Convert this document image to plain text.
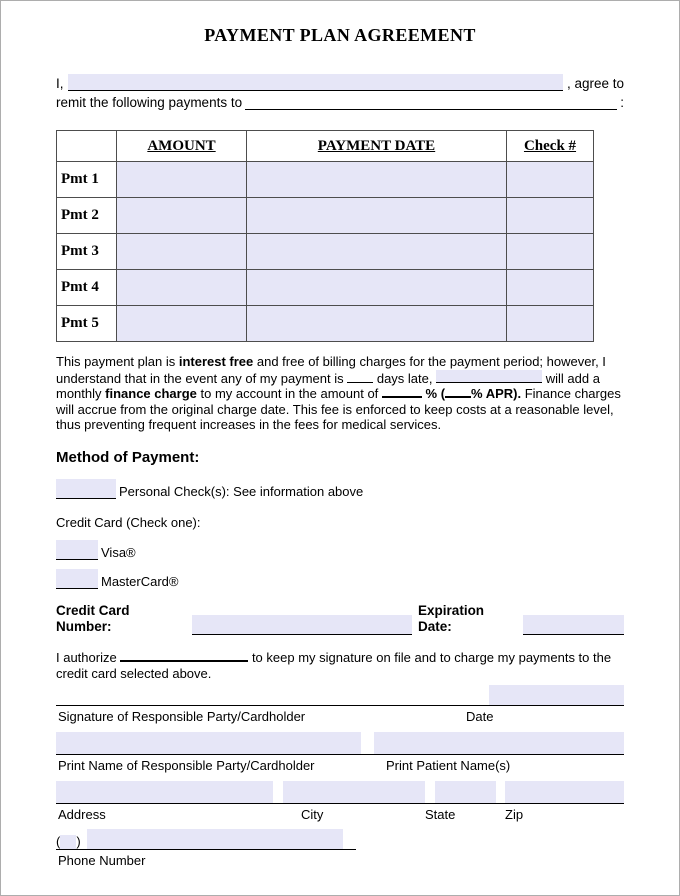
PAYMENT PLAN AGREEMENT
I,	, agree to
remit the following payments to	:
	AMOUNT	PAYMENT DATE	Check #
Pmt 1			
Pmt 2			
Pmt 3			
Pmt 4			
Pmt 5			

This payment plan is interest free and free of billing charges for the payment period; however, I understand that in the event any of my payment is  days late,	will add a monthly finance charge to my account in the amount of	% ( % APR). Finance charges will accrue from the original charge date. This fee is enforced to keep costs at a reasonable level, thus preventing frequent increases in the fees for medical services.

Method of Payment:
Personal Check(s): See information above

Credit Card (Check one):

Visa®
MasterCard®
Credit Card Number:
Expiration Date:

I authorize	to keep my signature on file and to charge my payments to the credit card selected above.

Signature of Responsible Party/Cardholder	Date
Print Name of Responsible Party/Cardholder	Print Patient Name(s)
Address	City	State	Zip
( )
Phone Number
